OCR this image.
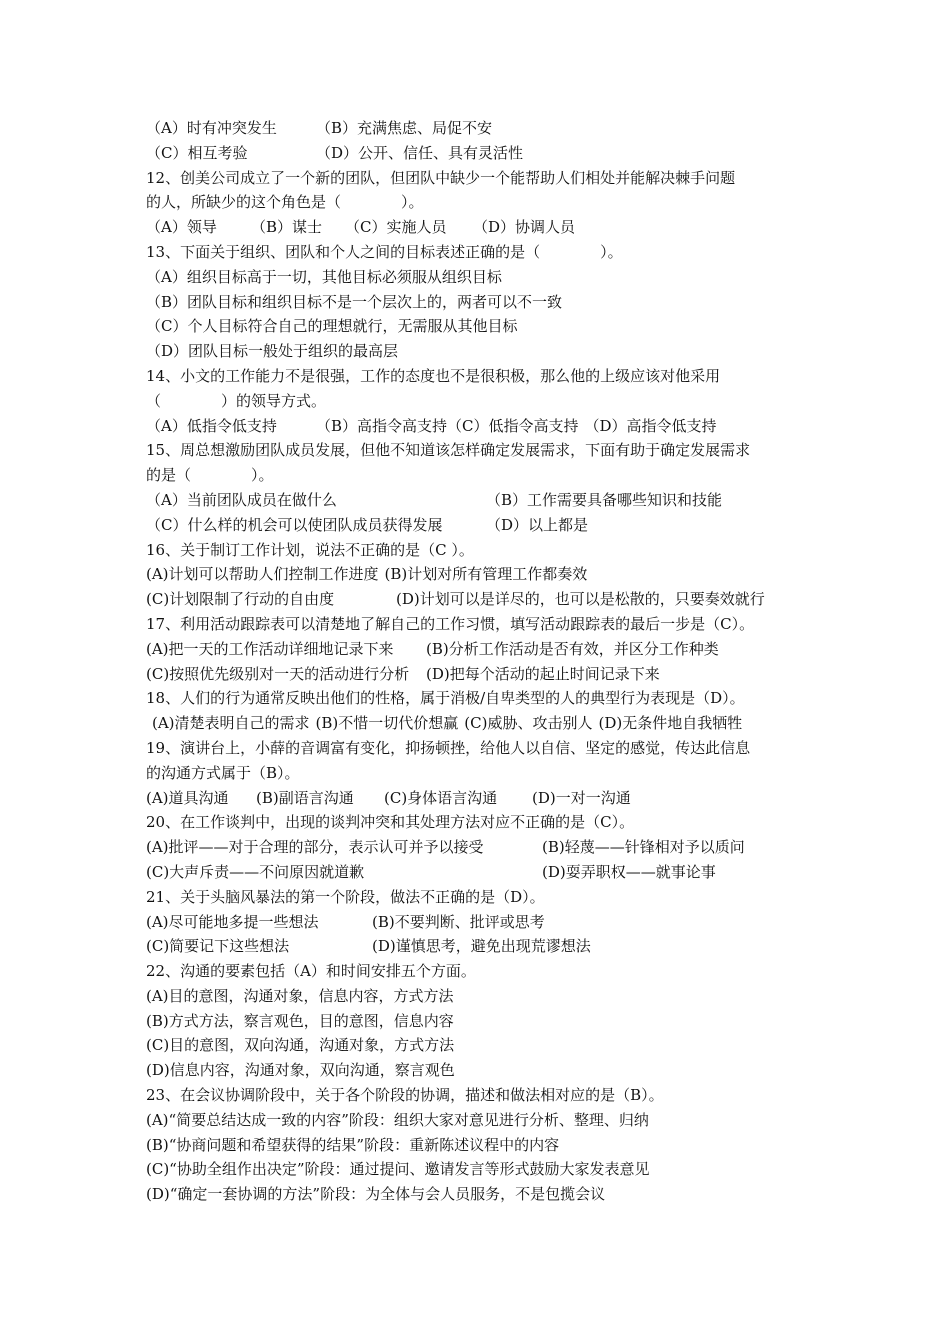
（A）时有冲突发生	（B）充满焦虑、局促不安
（C）相互考验	（D）公开、信任、具有灵活性
12、创美公司成立了一个新的团队，但团队中缺少一个能帮助人们相处并能解决棘手问题
的人，所缺少的这个角色是（　　　　）。
（A）领导 （B）谋士 （C）实施人员 （D）协调人员
13、下面关于组织、团队和个人之间的目标表述正确的是（　　　　）。
（A）组织目标高于一切，其他目标必须服从组织目标
（B）团队目标和组织目标不是一个层次上的，两者可以不一致
（C）个人目标符合自己的理想就行，无需服从其他目标
（D）团队目标一般处于组织的最高层
14、小文的工作能力不是很强，工作的态度也不是很积极，那么他的上级应该对他采用
（　　　　）的领导方式。
（A）低指令低支持	（B）高指令高支持（C）低指令高支持 （D）高指令低支持
15、周总想激励团队成员发展，但他不知道该怎样确定发展需求，下面有助于确定发展需求
的是（　　　　）。
（A）当前团队成员在做什么	（B）工作需要具备哪些知识和技能
（C）什么样的机会可以使团队成员获得发展	（D）以上都是
16、关于制订工作计划，说法不正确的是（C ）。
(A)计划可以帮助人们控制工作进度 (B)计划对所有管理工作都奏效
(C)计划限制了行动的自由度	(D)计划可以是详尽的，也可以是松散的，只要奏效就行
17、利用活动跟踪表可以清楚地了解自己的工作习惯，填写活动跟踪表的最后一步是（C）。
(A)把一天的工作活动详细地记录下来 (B)分析工作活动是否有效，并区分工作种类
(C)按照优先级别对一天的活动进行分析 (D)把每个活动的起止时间记录下来
18、人们的行为通常反映出他们的性格，属于消极/自卑类型的人的典型行为表现是（D）。
(A)清楚表明自己的需求 (B)不惜一切代价想赢 (C)威胁、攻击别人 (D)无条件地自我牺牲
19、演讲台上，小薛的音调富有变化，抑扬顿挫，给他人以自信、坚定的感觉，传达此信息
的沟通方式属于（B）。
(A)道具沟通 (B)副语言沟通 (C)身体语言沟通 (D)一对一沟通
20、在工作谈判中，出现的谈判冲突和其处理方法对应不正确的是（C）。
(A)批评——对于合理的部分，表示认可并予以接受	(B)轻蔑——针锋相对予以质问
(C)大声斥责——不问原因就道歉	(D)耍弄职权——就事论事
21、关于头脑风暴法的第一个阶段，做法不正确的是（D）。
(A)尽可能地多提一些想法	(B)不要判断、批评或思考
(C)简要记下这些想法	(D)谨慎思考，避免出现荒谬想法
22、沟通的要素包括（A）和时间安排五个方面。
(A)目的意图，沟通对象，信息内容，方式方法
(B)方式方法，察言观色，目的意图，信息内容
(C)目的意图，双向沟通，沟通对象，方式方法
(D)信息内容，沟通对象，双向沟通，察言观色
23、在会议协调阶段中，关于各个阶段的协调，描述和做法相对应的是（B）。
(A)“简要总结达成一致的内容”阶段：组织大家对意见进行分析、整理、归纳
(B)“协商问题和希望获得的结果”阶段：重新陈述议程中的内容
(C)“协助全组作出决定”阶段：通过提问、邀请发言等形式鼓励大家发表意见
(D)“确定一套协调的方法”阶段：为全体与会人员服务，不是包揽会议
